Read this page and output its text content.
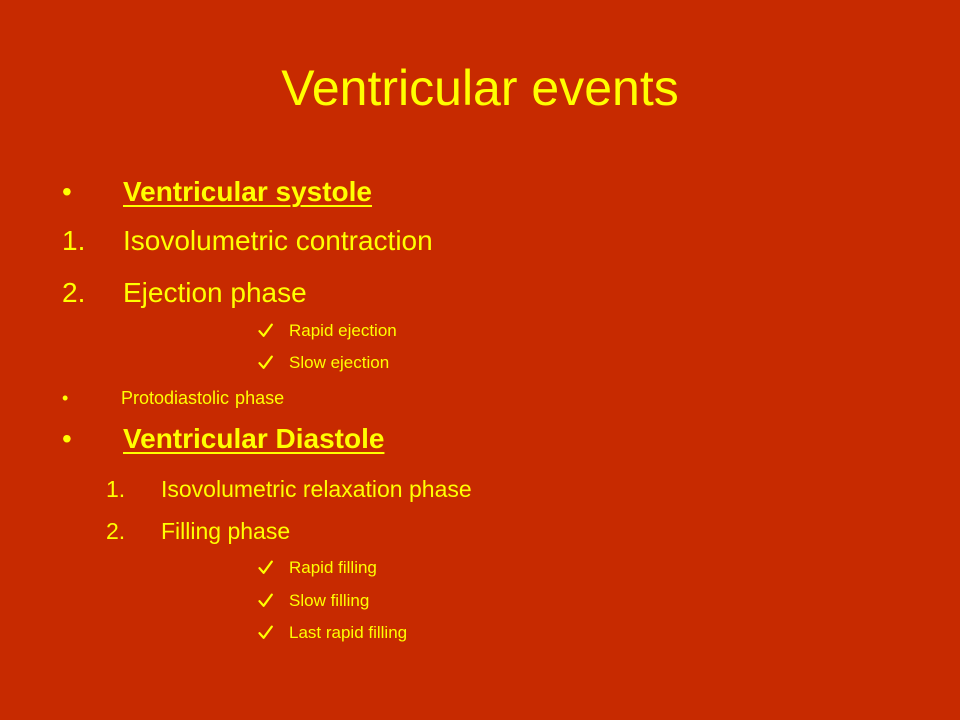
Ventricular events
• Ventricular systole
1. Isovolumetric contraction
2. Ejection phase
Rapid ejection
Slow ejection
•	Protodiastolic phase
• Ventricular Diastole
1. Isovolumetric relaxation phase
2. Filling phase
Rapid filling
Slow filling
Last rapid filling
